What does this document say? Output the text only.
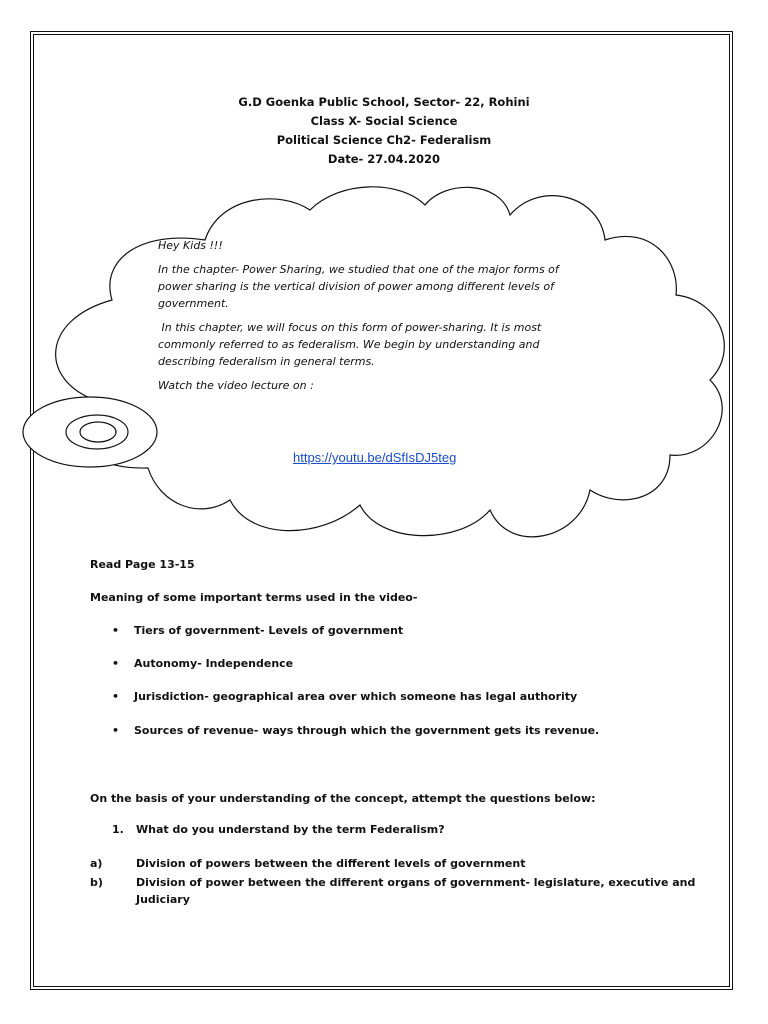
G.D Goenka Public School, Sector- 22, Rohini
Class X- Social Science
Political Science Ch2- Federalism
Date- 27.04.2020

Hey Kids !!!

In the chapter- Power Sharing, we studied that one of the major forms of power sharing is the vertical division of power among different levels of government.

In this chapter, we will focus on this form of power-sharing. It is most commonly referred to as federalism. We begin by understanding and describing federalism in general terms.

Watch the video lecture on :

https://youtu.be/dSfIsDJ5teg
Read Page 13-15
Meaning of some important terms used in the video-
• Tiers of government- Levels of government
• Autonomy- Independence
• Jurisdiction- geographical area over which someone has legal authority
• Sources of revenue- ways through which the government gets its revenue.
On the basis of your understanding of the concept, attempt the questions below:
1. What do you understand by the term Federalism?
a)	Division of powers between the different levels of government
b)	Division of power between the different organs of government- legislature, executive and Judiciary
